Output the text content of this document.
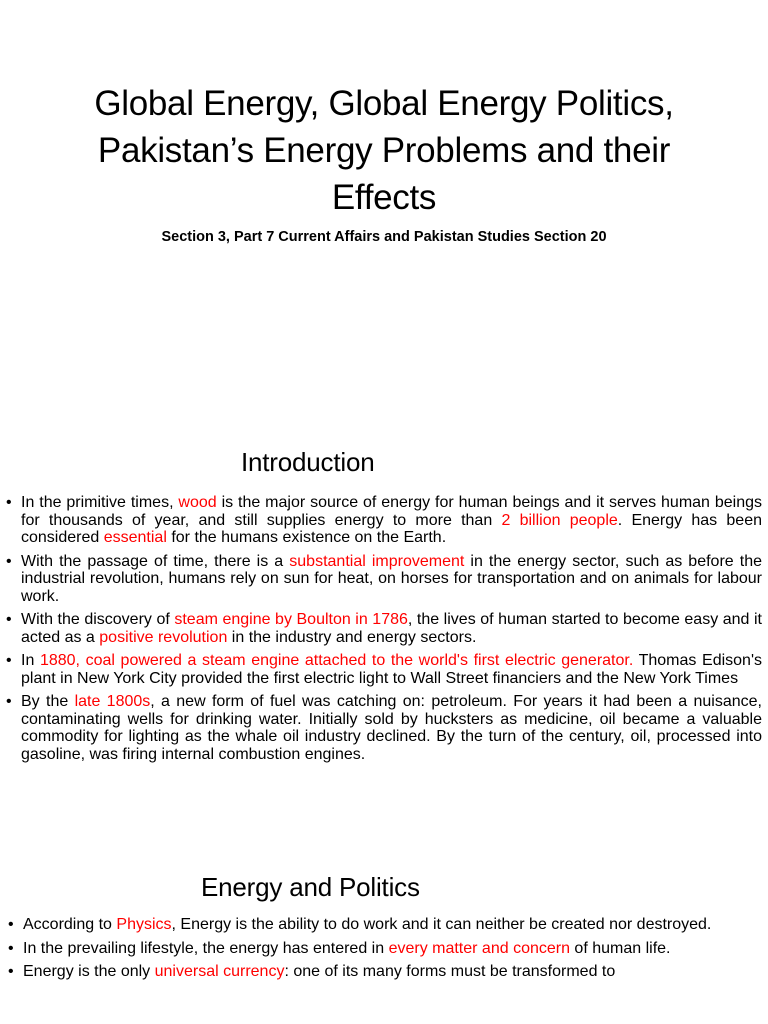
Global Energy, Global Energy Politics, Pakistan’s Energy Problems and their Effects

Section 3, Part 7 Current Affairs and Pakistan Studies Section 20

Introduction
• In the primitive times, wood is the major source of energy for human beings and it serves human beings for thousands of year, and still supplies energy to more than 2 billion people. Energy has been considered essential for the humans existence on the Earth.
• With the passage of time, there is a substantial improvement in the energy sector, such as before the industrial revolution, humans rely on sun for heat, on horses for transportation and on animals for labour work.
• With the discovery of steam engine by Boulton in 1786, the lives of human started to become easy and it acted as a positive revolution in the industry and energy sectors.
• In 1880, coal powered a steam engine attached to the world's first electric generator. Thomas Edison's plant in New York City provided the first electric light to Wall Street financiers and the New York Times
• By the late 1800s, a new form of fuel was catching on: petroleum. For years it had been a nuisance, contaminating wells for drinking water. Initially sold by hucksters as medicine, oil became a valuable commodity for lighting as the whale oil industry declined. By the turn of the century, oil, processed into gasoline, was firing internal combustion engines.
Energy and Politics
• According to Physics, Energy is the ability to do work and it can neither be created nor destroyed.
• In the prevailing lifestyle, the energy has entered in every matter and concern of human life.
• Energy is the only universal currency: one of its many forms must be transformed to
